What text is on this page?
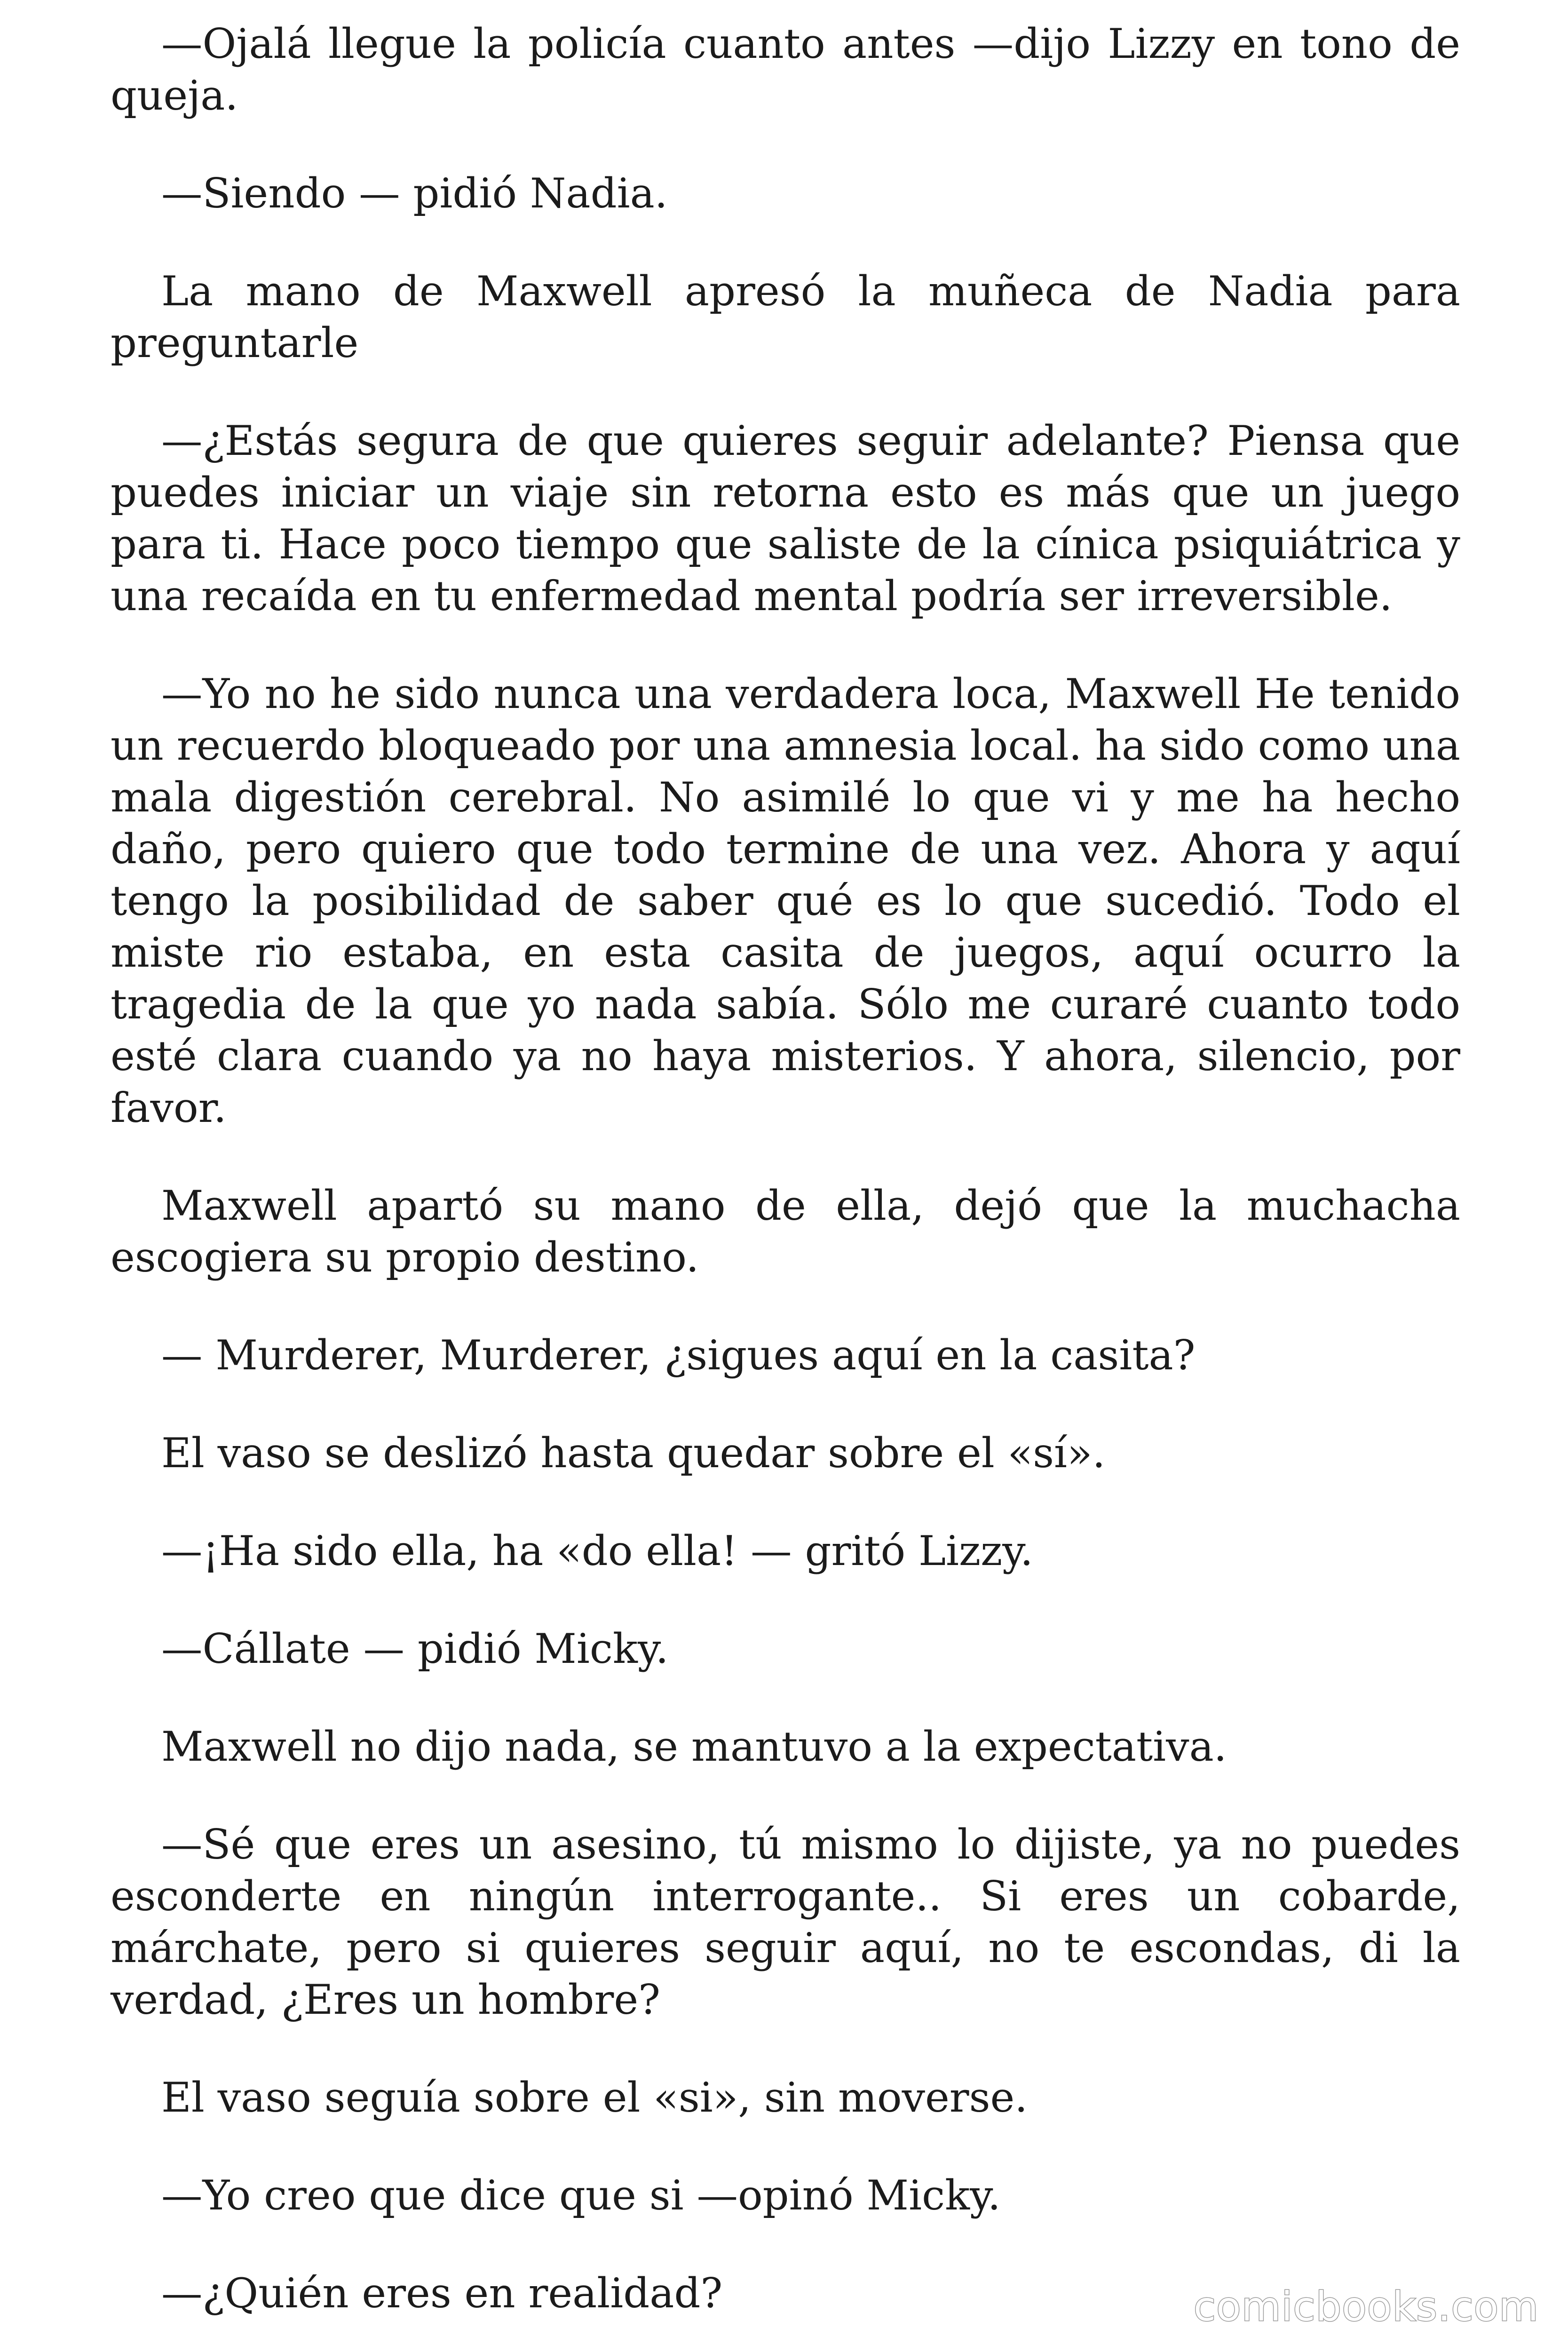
—Ojalá llegue la policía cuanto antes —dijo Lizzy en tono de queja.

—Siendo — pidió Nadia.

La mano de Maxwell apresó la muñeca de Nadia para preguntarle

—¿Estás segura de que quieres seguir adelante? Piensa que puedes iniciar un viaje sin retorna esto es más que un juego para ti. Hace poco tiempo que saliste de la cínica psiquiátrica y una recaída en tu enfermedad mental podría ser irreversible.

—Yo no he sido nunca una verdadera loca, Maxwell He tenido un recuerdo bloqueado por una amnesia local. ha sido como una mala digestión cerebral. No asimilé lo que vi y me ha hecho daño, pero quiero que todo termine de una vez. Ahora y aquí tengo la posibilidad de saber qué es lo que sucedió. Todo el miste rio estaba, en esta casita de juegos, aquí ocurro la tragedia de la que yo nada sabía. Sólo me curaré cuanto todo esté clara cuando ya no haya misterios. Y ahora, silencio, por favor.

Maxwell apartó su mano de ella, dejó que la muchacha escogiera su propio destino.

— Murderer, Murderer, ¿sigues aquí en la casita?

El vaso se deslizó hasta quedar sobre el «sí».

—¡Ha sido ella, ha «do ella! — gritó Lizzy.

—Cállate — pidió Micky.

Maxwell no dijo nada, se mantuvo a la expectativa.

—Sé que eres un asesino, tú mismo lo dijiste, ya no puedes esconderte en ningún interrogante.. Si eres un cobarde, márchate, pero si quieres seguir aquí, no te escondas, di la verdad, ¿Eres un hombre?

El vaso seguía sobre el «si», sin moverse.

—Yo creo que dice que si —opinó Micky.

—¿Quién eres en realidad?	comicbooks.com
